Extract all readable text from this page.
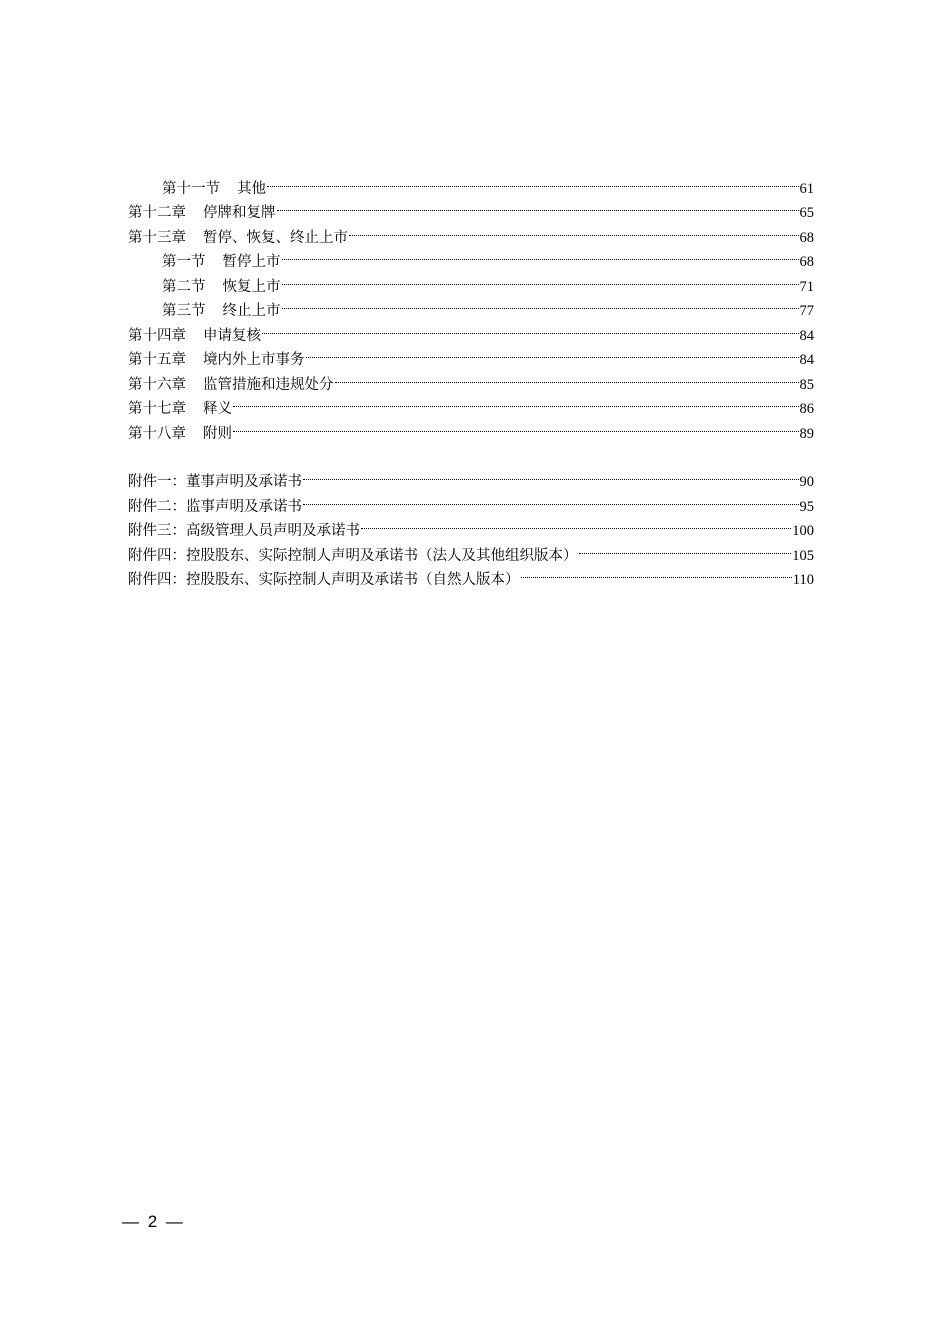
第十一节 其他	61
第十二章 停牌和复牌	65
第十三章 暂停、恢复、终止上市	68
第一节 暂停上市	68
第二节 恢复上市	71
第三节 终止上市	77
第十四章 申请复核	84
第十五章 境内外上市事务	84
第十六章 监管措施和违规处分	85
第十七章 释义	86
第十八章 附则	89
附件一：董事声明及承诺书	90
附件二：监事声明及承诺书	95
附件三：高级管理人员声明及承诺书	100
附件四：控股股东、实际控制人声明及承诺书（法人及其他组织版本）	105
附件四：控股股东、实际控制人声明及承诺书（自然人版本）	110
— 2 —
